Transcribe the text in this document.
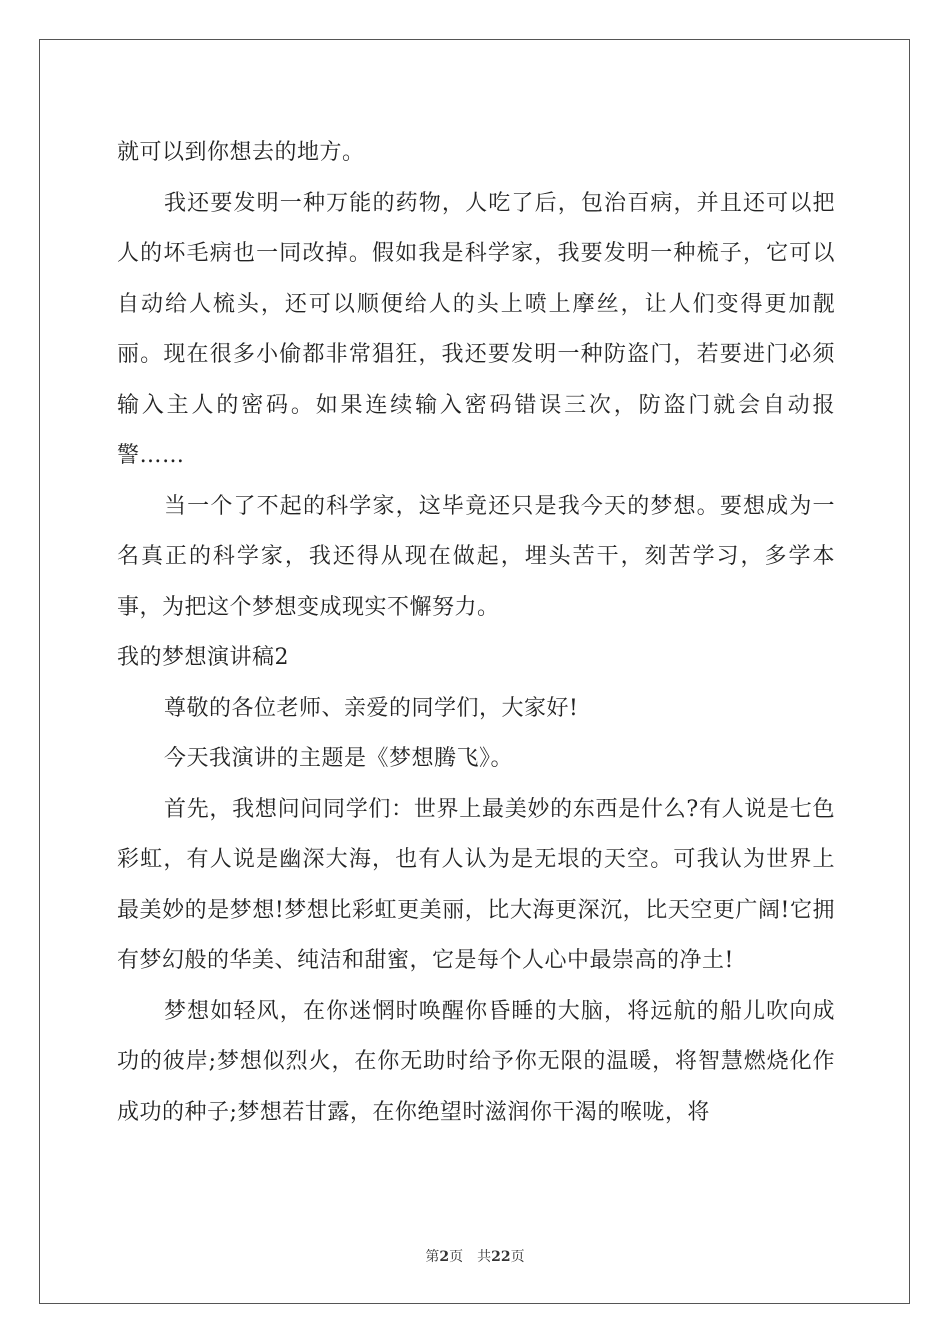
就可以到你想去的地方。

我还要发明一种万能的药物，人吃了后，包治百病，并且还可以把人的坏毛病也一同改掉。假如我是科学家，我要发明一种梳子，它可以自动给人梳头，还可以顺便给人的头上喷上摩丝，让人们变得更加靓丽。现在很多小偷都非常猖狂，我还要发明一种防盗门，若要进门必须输入主人的密码。如果连续输入密码错误三次，防盗门就会自动报警……

当一个了不起的科学家，这毕竟还只是我今天的梦想。要想成为一名真正的科学家，我还得从现在做起，埋头苦干，刻苦学习，多学本事，为把这个梦想变成现实不懈努力。

我的梦想演讲稿2

尊敬的各位老师、亲爱的同学们，大家好!

今天我演讲的主题是《梦想腾飞》。

首先，我想问问同学们：世界上最美妙的东西是什么?有人说是七色彩虹，有人说是幽深大海，也有人认为是无垠的天空。可我认为世界上最美妙的是梦想!梦想比彩虹更美丽，比大海更深沉，比天空更广阔!它拥有梦幻般的华美、纯洁和甜蜜，它是每个人心中最崇高的净土!

梦想如轻风，在你迷惘时唤醒你昏睡的大脑，将远航的船儿吹向成功的彼岸;梦想似烈火，在你无助时给予你无限的温暖，将智慧燃烧化作成功的种子;梦想若甘露，在你绝望时滋润你干渴的喉咙，将

第2页 共22页
